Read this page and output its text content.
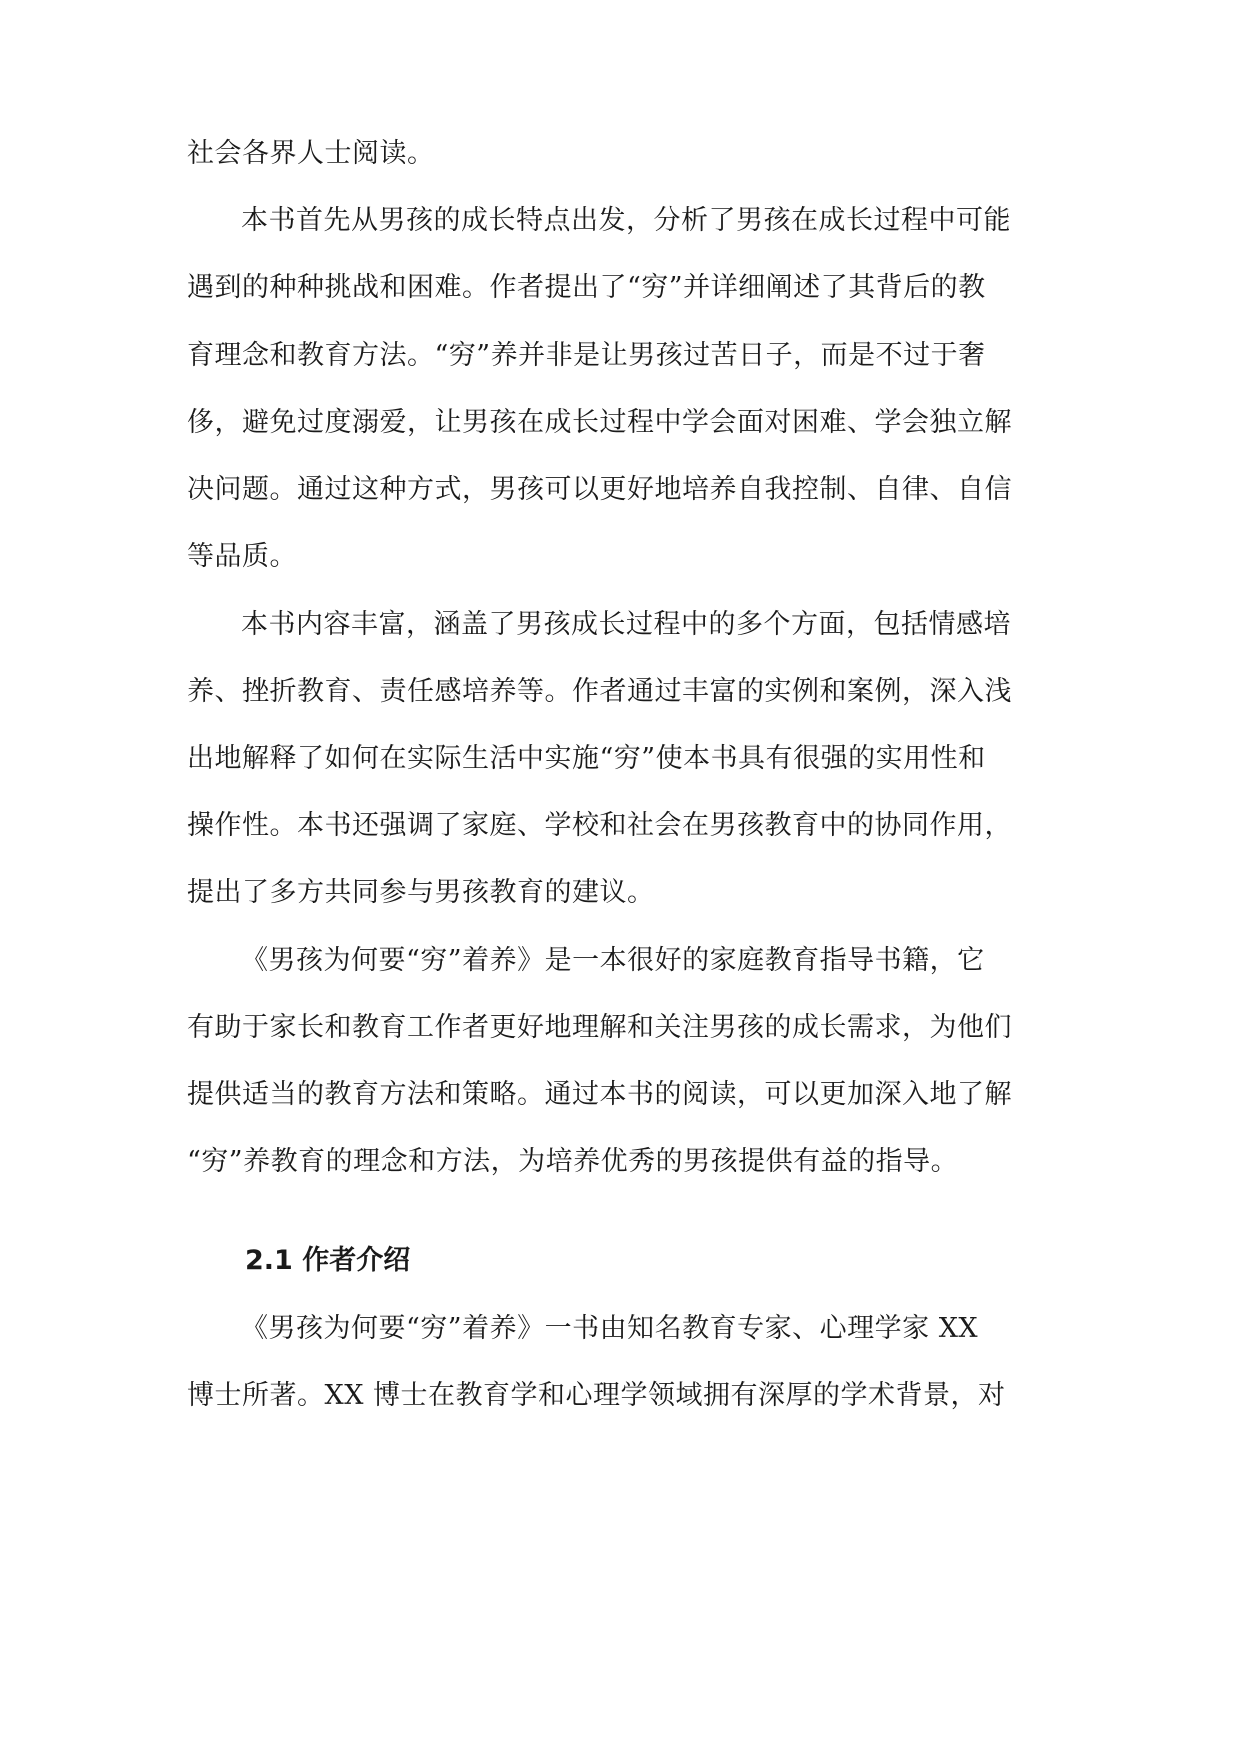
社会各界人士阅读。
本书首先从男孩的成长特点出发，分析了男孩在成长过程中可能
遇到的种种挑战和困难。作者提出了“穷”并详细阐述了其背后的教
育理念和教育方法。“穷”养并非是让男孩过苦日子，而是不过于奢
侈，避免过度溺爱，让男孩在成长过程中学会面对困难、学会独立解
决问题。通过这种方式，男孩可以更好地培养自我控制、自律、自信
等品质。
本书内容丰富，涵盖了男孩成长过程中的多个方面，包括情感培
养、挫折教育、责任感培养等。作者通过丰富的实例和案例，深入浅
出地解释了如何在实际生活中实施“穷”使本书具有很强的实用性和
操作性。本书还强调了家庭、学校和社会在男孩教育中的协同作用，
提出了多方共同参与男孩教育的建议。
《男孩为何要“穷”着养》是一本很好的家庭教育指导书籍，它
有助于家长和教育工作者更好地理解和关注男孩的成长需求，为他们
提供适当的教育方法和策略。通过本书的阅读，可以更加深入地了解
“穷”养教育的理念和方法，为培养优秀的男孩提供有益的指导。
2.1 作者介绍
《男孩为何要“穷”着养》一书由知名教育专家、心理学家 XX
博士所著。XX 博士在教育学和心理学领域拥有深厚的学术背景，对
